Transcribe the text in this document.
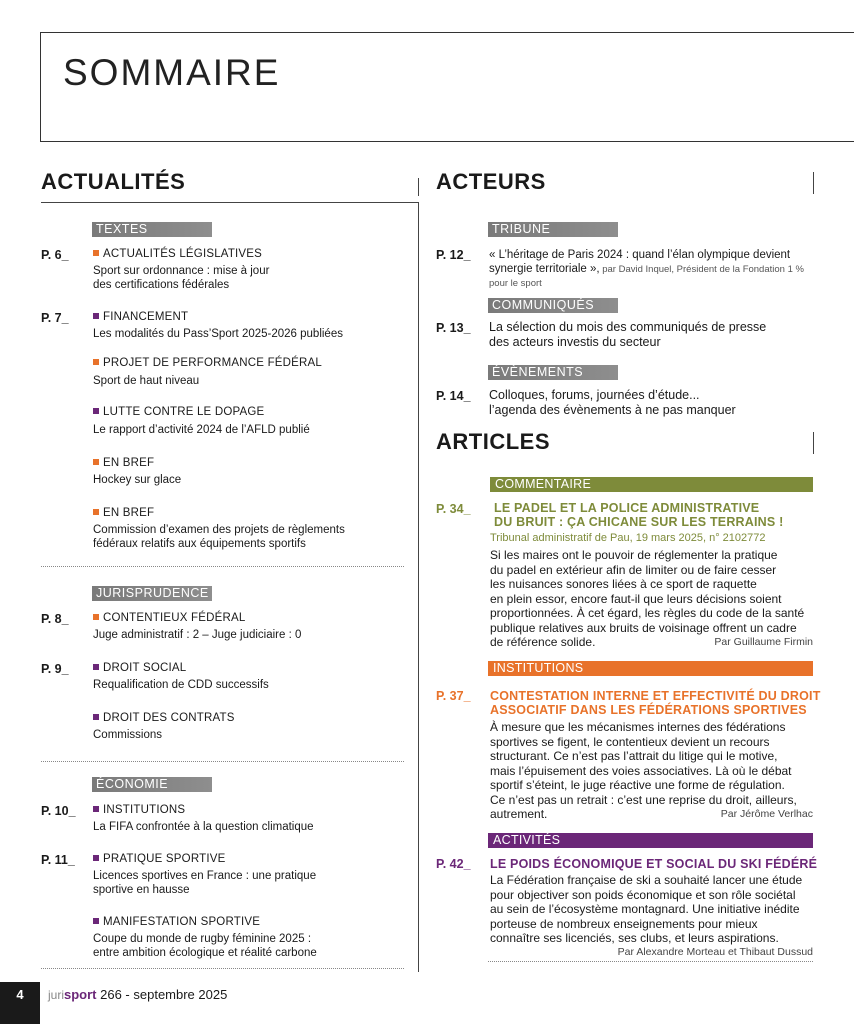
SOMMAIRE
ACTUALITÉS
TEXTES
P. 6_	ACTUALITÉS LÉGISLATIVES
Sport sur ordonnance : mise à jour
des certifications fédérales
P. 7_	FINANCEMENT
Les modalités du Pass’Sport 2025-2026 publiées
PROJET DE PERFORMANCE FÉDÉRAL
Sport de haut niveau
LUTTE CONTRE LE DOPAGE
Le rapport d’activité 2024 de l’AFLD publié
EN BREF
Hockey sur glace
EN BREF
Commission d’examen des projets de règlements
fédéraux relatifs aux équipements sportifs
JURISPRUDENCE
P. 8_	CONTENTIEUX FÉDÉRAL
Juge administratif : 2 – Juge judiciaire : 0
P. 9_	DROIT SOCIAL
Requalification de CDD successifs
DROIT DES CONTRATS
Commissions
ÉCONOMIE
P. 10_	INSTITUTIONS
La FIFA confrontée à la question climatique
P. 11_	PRATIQUE SPORTIVE
Licences sportives en France : une pratique
sportive en hausse
MANIFESTATION SPORTIVE
Coupe du monde de rugby féminine 2025 :
entre ambition écologique et réalité carbone
ACTEURS
TRIBUNE
P. 12_ « L’héritage de Paris 2024 : quand l’élan olympique devient
synergie territoriale », par David Inquel, Président de la Fondation 1 %
pour le sport
COMMUNIQUÉS
P. 13_ La sélection du mois des communiqués de presse
des acteurs investis du secteur
ÉVÈNEMENTS
P. 14_ Colloques, forums, journées d’étude...
l’agenda des évènements à ne pas manquer
ARTICLES
COMMENTAIRE
P. 34_ LE PADEL ET LA POLICE ADMINISTRATIVE
DU BRUIT : ÇA CHICANE SUR LES TERRAINS !
Tribunal administratif de Pau, 19 mars 2025, n° 2102772
Si les maires ont le pouvoir de réglementer la pratique
du padel en extérieur afin de limiter ou de faire cesser
les nuisances sonores liées à ce sport de raquette
en plein essor, encore faut-il que leurs décisions soient
proportionnées. À cet égard, les règles du code de la santé
publique relatives aux bruits de voisinage offrent un cadre
de référence solide.	Par Guillaume Firmin
INSTITUTIONS
P. 37_ CONTESTATION INTERNE ET EFFECTIVITÉ DU DROIT
ASSOCIATIF DANS LES FÉDÉRATIONS SPORTIVES
À mesure que les mécanismes internes des fédérations
sportives se figent, le contentieux devient un recours
structurant. Ce n’est pas l’attrait du litige qui le motive,
mais l’épuisement des voies associatives. Là où le débat
sportif s’éteint, le juge réactive une forme de régulation.
Ce n’est pas un retrait : c’est une reprise du droit, ailleurs,
autrement.	Par Jérôme Verlhac
ACTIVITÉS
P. 42_ LE POIDS ÉCONOMIQUE ET SOCIAL DU SKI FÉDÉRÉ
La Fédération française de ski a souhaité lancer une étude
pour objectiver son poids économique et son rôle sociétal
au sein de l’écosystème montagnard. Une initiative inédite
porteuse de nombreux enseignements pour mieux
connaître ses licenciés, ses clubs, et leurs aspirations.
Par Alexandre Morteau et Thibaut Dussud
4	jurisport 266 - septembre 2025
